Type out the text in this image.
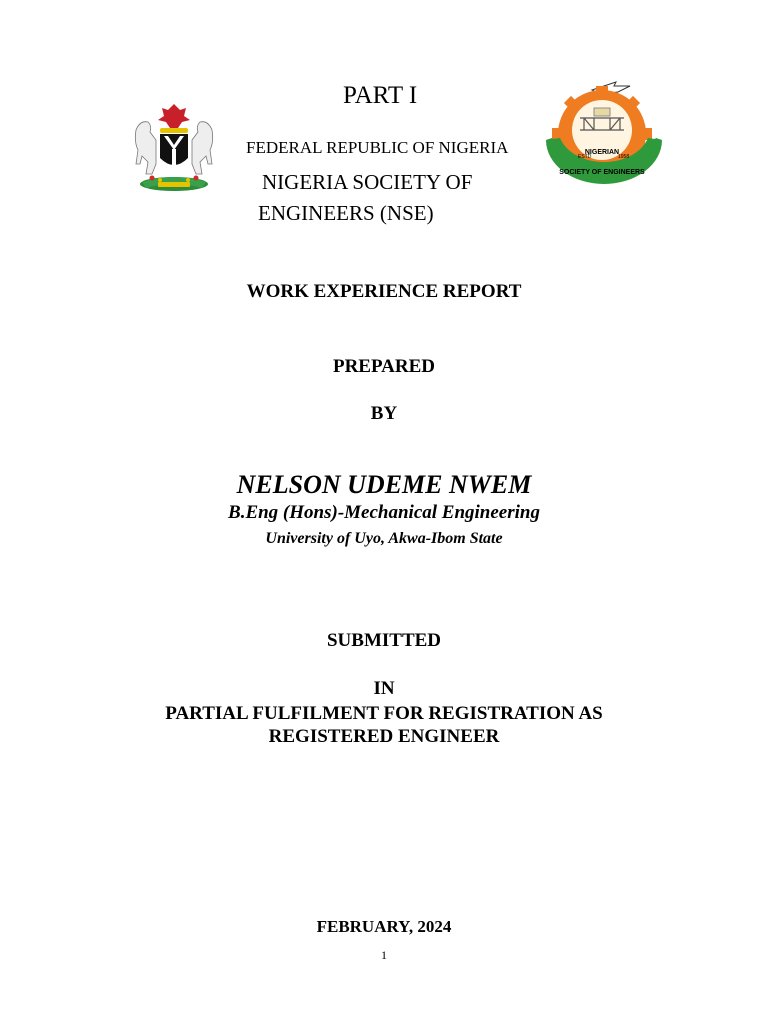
NIGERIAN
ESTD	1958
SOCIETY OF ENGINEERS
PART I
FEDERAL REPUBLIC OF NIGERIA
NIGERIA SOCIETY OF
ENGINEERS (NSE)
WORK EXPERIENCE REPORT
PREPARED
BY
NELSON UDEME NWEM
B.Eng (Hons)-Mechanical Engineering
University of Uyo, Akwa-Ibom State
SUBMITTED
IN
PARTIAL FULFILMENT FOR REGISTRATION AS
REGISTERED ENGINEER
FEBRUARY, 2024
1
